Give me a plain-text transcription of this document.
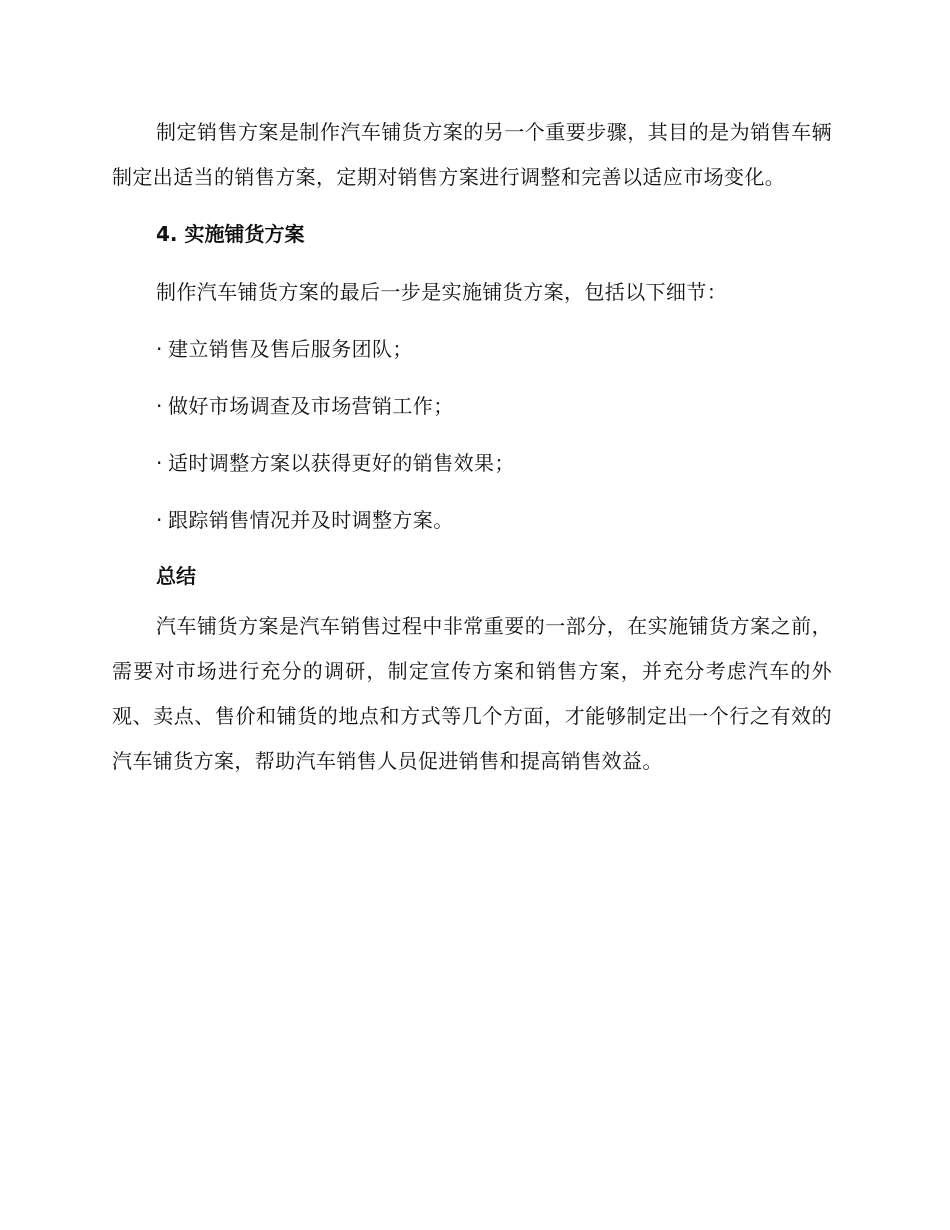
制定销售方案是制作汽车铺货方案的另一个重要步骤，其目的是为销售车辆制定出适当的销售方案，定期对销售方案进行调整和完善以适应市场变化。

4. 实施铺货方案

制作汽车铺货方案的最后一步是实施铺货方案，包括以下细节：

· 建立销售及售后服务团队；
· 做好市场调查及市场营销工作；
· 适时调整方案以获得更好的销售效果；
· 跟踪销售情况并及时调整方案。
总结

汽车铺货方案是汽车销售过程中非常重要的一部分，在实施铺货方案之前，需要对市场进行充分的调研，制定宣传方案和销售方案，并充分考虑汽车的外观、卖点、售价和铺货的地点和方式等几个方面，才能够制定出一个行之有效的汽车铺货方案，帮助汽车销售人员促进销售和提高销售效益。
